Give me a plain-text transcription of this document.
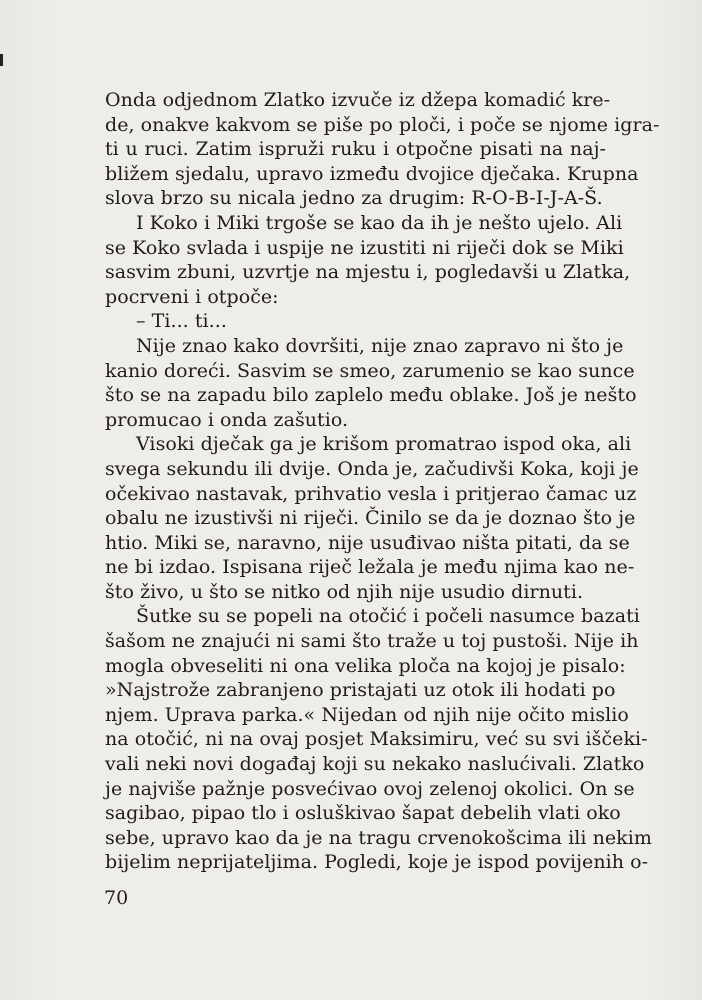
Onda odjednom Zlatko izvuče iz džepa komadić kre-
de, onakve kakvom se piše po ploči, i poče se njome igra-
ti u ruci. Zatim ispruži ruku i otpočne pisati na naj-
bližem sjedalu, upravo između dvojice dječaka. Krupna
slova brzo su nicala jedno za drugim: R-O-B-I-J-A-Š.
I Koko i Miki trgoše se kao da ih je nešto ujelo. Ali
se Koko svlada i uspije ne izustiti ni riječi dok se Miki
sasvim zbuni, uzvrtje na mjestu i, pogledavši u Zlatka,
pocrveni i otpoče:
– Ti... ti...
Nije znao kako dovršiti, nije znao zapravo ni što je
kanio doreći. Sasvim se smeo, zarumenio se kao sunce
što se na zapadu bilo zaplelo među oblake. Još je nešto
promucao i onda zašutio.
Visoki dječak ga je krišom promatrao ispod oka, ali
svega sekundu ili dvije. Onda je, začudivši Koka, koji je
očekivao nastavak, prihvatio vesla i pritjerao čamac uz
obalu ne izustivši ni riječi. Činilo se da je doznao što je
htio. Miki se, naravno, nije usuđivao ništa pitati, da se
ne bi izdao. Ispisana riječ ležala je među njima kao ne-
što živo, u što se nitko od njih nije usudio dirnuti.
Šutke su se popeli na otočić i počeli nasumce bazati
šašom ne znajući ni sami što traže u toj pustoši. Nije ih
mogla obveseliti ni ona velika ploča na kojoj je pisalo:
»Najstrože zabranjeno pristajati uz otok ili hodati po
njem. Uprava parka.« Nijedan od njih nije očito mislio
na otočić, ni na ovaj posjet Maksimiru, već su svi iščeki-
vali neki novi događaj koji su nekako naslućivali. Zlatko
je najviše pažnje posvećivao ovoj zelenoj okolici. On se
sagibao, pipao tlo i osluškivao šapat debelih vlati oko
sebe, upravo kao da je na tragu crvenokošcima ili nekim
bijelim neprijateljima. Pogledi, koje je ispod povijenih o-
70
